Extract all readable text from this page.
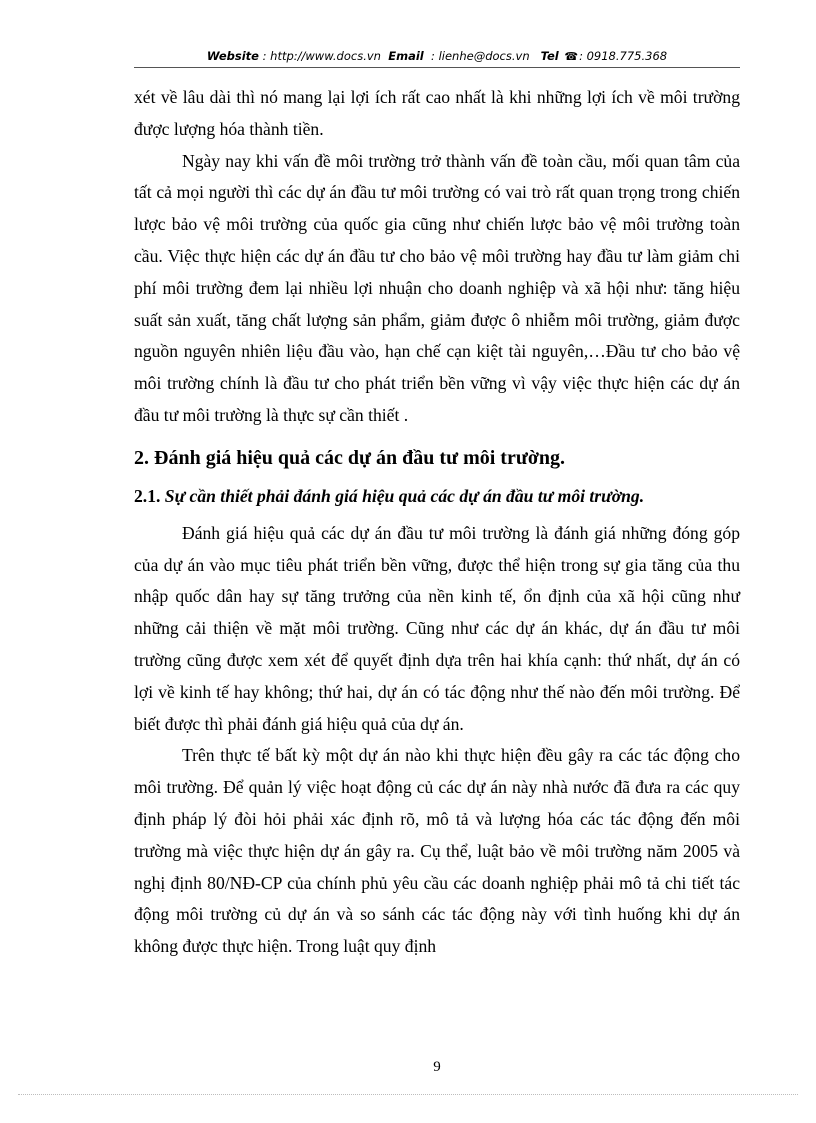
Website : http://www.docs.vn Email  : lienhe@docs.vn Tel ☎: 0918.775.368

xét về lâu dài thì nó mang lại lợi ích rất cao nhất là khi những lợi ích về môi trường được lượng hóa thành tiền.

Ngày nay khi vấn đề môi trường trở thành vấn đề toàn cầu, mối quan tâm của tất cả mọi người thì các dự án đầu tư môi trường có vai trò rất quan trọng trong chiến lược bảo vệ môi trường của quốc gia cũng như chiến lược bảo vệ môi trường toàn cầu. Việc thực hiện các dự án đầu tư cho bảo vệ môi trường hay đầu tư làm giảm chi phí môi trường đem lại nhiều lợi nhuận cho doanh nghiệp và xã hội như: tăng hiệu suất sản xuất, tăng chất lượng sản phẩm, giảm được ô nhiễm môi trường, giảm được nguồn nguyên nhiên liệu đầu vào, hạn chế cạn kiệt tài nguyên,…Đầu tư cho bảo vệ môi trường chính là đầu tư cho phát triển bền vững vì vậy việc thực hiện các dự án đầu tư môi trường là thực sự cần thiết .

2. Đánh giá hiệu quả các dự án đầu tư môi trường.
2.1. Sự cần thiết phải đánh giá hiệu quả các dự án đầu tư môi trường.

Đánh giá hiệu quả các dự án đầu tư môi trường là đánh giá những đóng góp của dự án vào mục tiêu phát triển bền vững, được thể hiện trong sự gia tăng của thu nhập quốc dân hay sự tăng trưởng của nền kinh tế, ổn định của xã hội cũng như những cải thiện về mặt môi trường. Cũng như các dự án khác, dự án đầu tư môi trường cũng được xem xét để quyết định dựa trên hai khía cạnh: thứ nhất, dự án có lợi về kinh tế hay không; thứ hai, dự án có tác động như thế nào đến môi trường. Để biết được thì phải đánh giá hiệu quả của dự án.

Trên thực tế bất kỳ một dự án nào khi thực hiện đều gây ra các tác động cho môi trường. Để quản lý việc hoạt động củ các dự án này nhà nước đã đưa ra các quy định pháp lý đòi hỏi phải xác định rõ, mô tả và lượng hóa các tác động đến môi trường mà việc thực hiện dự án gây ra. Cụ thể, luật bảo về môi trường năm 2005 và nghị định 80/NĐ-CP của chính phủ yêu cầu các doanh nghiệp phải mô tả chi tiết tác động môi trường củ dự án và so sánh các tác động này với tình huống khi dự án không được thực hiện. Trong luật quy định

9
